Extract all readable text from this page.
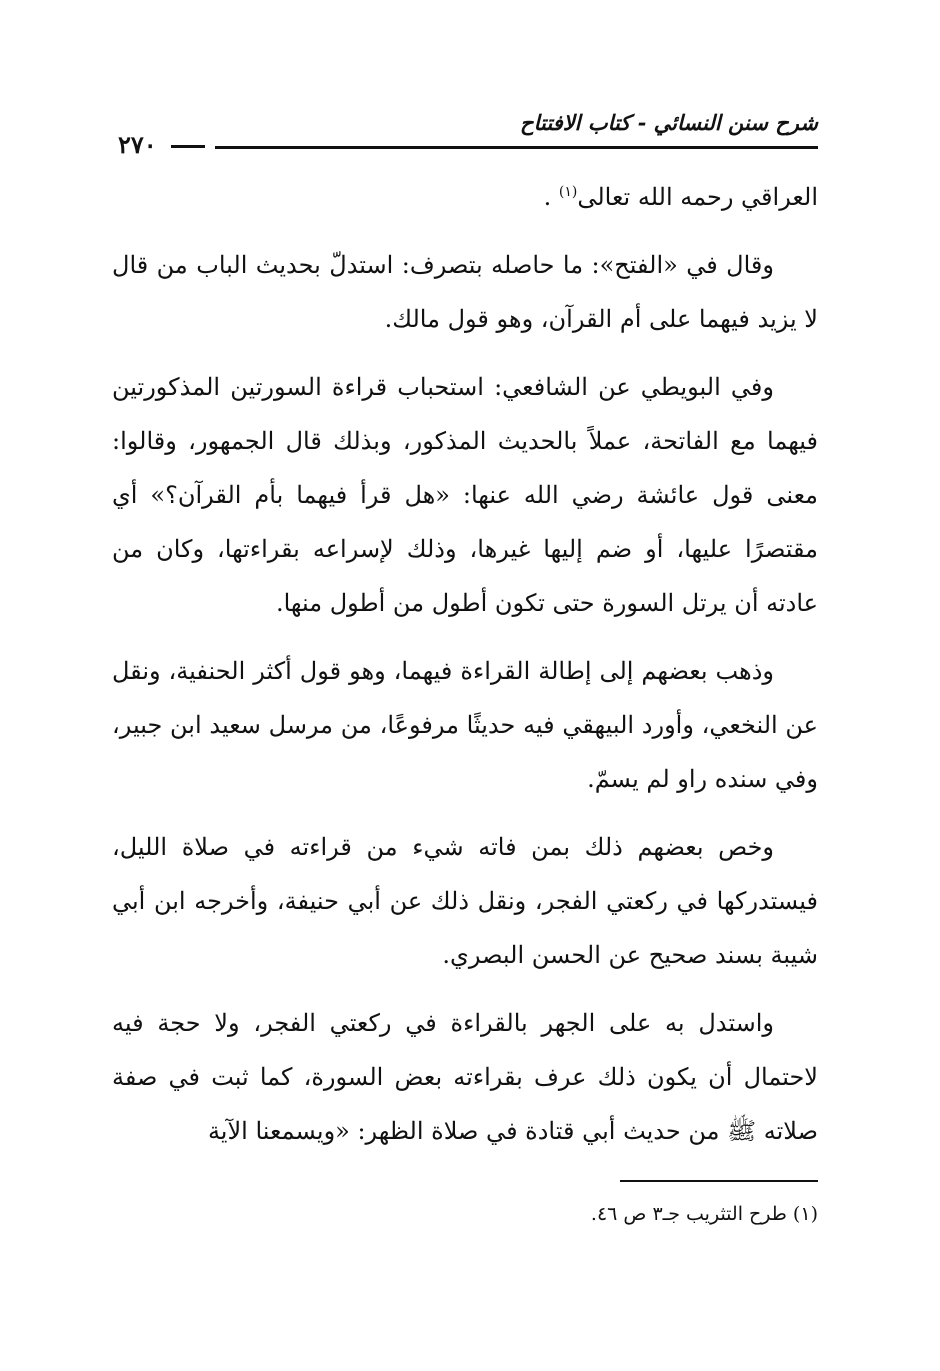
شرح سنن النسائي - كتاب الافتتاح
٢٧٠

العراقي رحمه الله تعالى$^{(١)}$ .

وقال في «الفتح»: ما حاصله بتصرف: استدلّ بحديث الباب من قال لا يزيد فيهما على أم القرآن، وهو قول مالك.

وفي البويطي عن الشافعي: استحباب قراءة السورتين المذكورتين فيهما مع الفاتحة، عملاً بالحديث المذكور، وبذلك قال الجمهور، وقالوا: معنى قول عائشة رضي الله عنها: «هل قرأ فيهما بأم القرآن؟» أي مقتصرًا عليها، أو ضم إليها غيرها، وذلك لإسراعه بقراءتها، وكان من عادته أن يرتل السورة حتى تكون أطول من أطول منها.

وذهب بعضهم إلى إطالة القراءة فيهما، وهو قول أكثر الحنفية، ونقل عن النخعي، وأورد البيهقي فيه حديثًا مرفوعًا، من مرسل سعيد ابن جبير، وفي سنده راو لم يسمّ.

وخص بعضهم ذلك بمن فاته شيء من قراءته في صلاة الليل، فيستدركها في ركعتي الفجر، ونقل ذلك عن أبي حنيفة، وأخرجه ابن أبي شيبة بسند صحيح عن الحسن البصري.

واستدل به على الجهر بالقراءة في ركعتي الفجر، ولا حجة فيه لاحتمال أن يكون ذلك عرف بقراءته بعض السورة، كما ثبت في صفة صلاته ﷺ من حديث أبي قتادة في صلاة الظهر: «ويسمعنا الآية

(١) طرح التثريب جـ٣ ص ٤٦.
